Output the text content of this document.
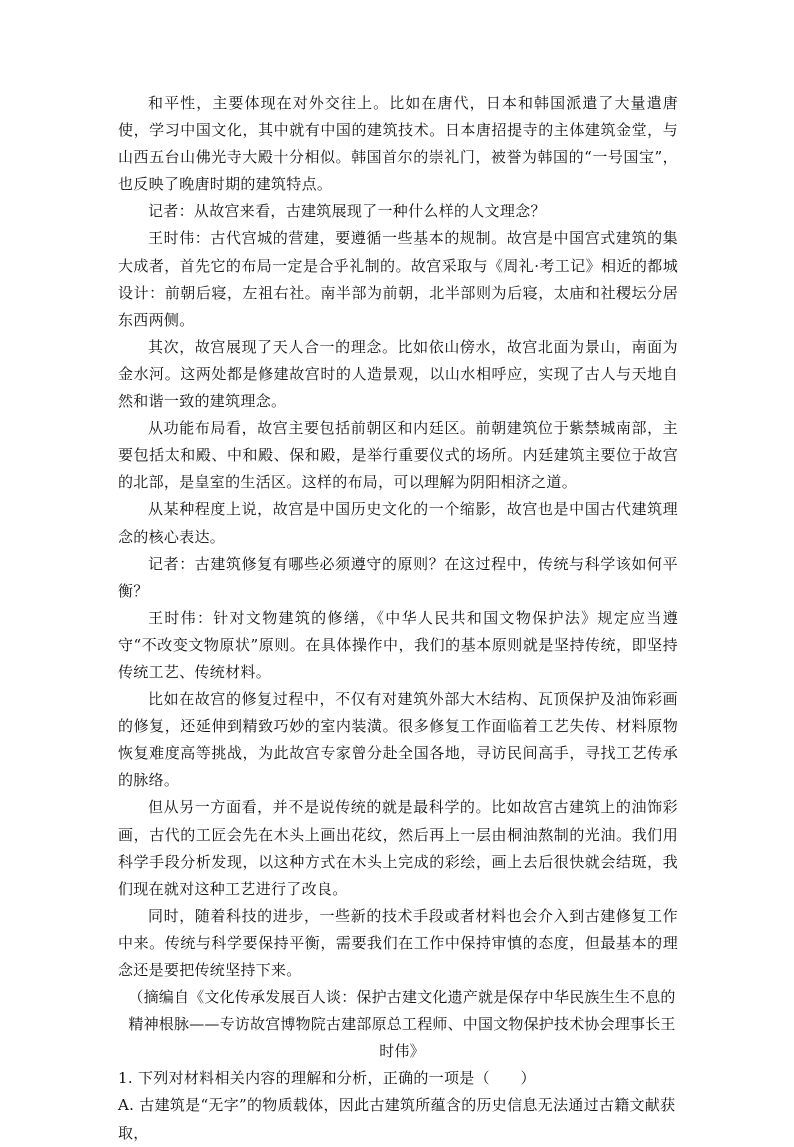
和平性，主要体现在对外交往上。比如在唐代，日本和韩国派遣了大量遣唐使，学习中国文化，其中就有中国的建筑技术。日本唐招提寺的主体建筑金堂，与山西五台山佛光寺大殿十分相似。韩国首尔的崇礼门，被誉为韩国的“一号国宝”，也反映了晚唐时期的建筑特点。

记者：从故宫来看，古建筑展现了一种什么样的人文理念？

王时伟：古代宫城的营建，要遵循一些基本的规制。故宫是中国宫式建筑的集大成者，首先它的布局一定是合乎礼制的。故宫采取与《周礼·考工记》相近的都城设计：前朝后寝，左祖右社。南半部为前朝，北半部则为后寝，太庙和社稷坛分居东西两侧。

其次，故宫展现了天人合一的理念。比如依山傍水，故宫北面为景山，南面为金水河。这两处都是修建故宫时的人造景观，以山水相呼应，实现了古人与天地自然和谐一致的建筑理念。

从功能布局看，故宫主要包括前朝区和内廷区。前朝建筑位于紫禁城南部，主要包括太和殿、中和殿、保和殿，是举行重要仪式的场所。内廷建筑主要位于故宫的北部，是皇室的生活区。这样的布局，可以理解为阴阳相济之道。

从某种程度上说，故宫是中国历史文化的一个缩影，故宫也是中国古代建筑理念的核心表达。

记者：古建筑修复有哪些必须遵守的原则？在这过程中，传统与科学该如何平衡？

王时伟：针对文物建筑的修缮，《中华人民共和国文物保护法》规定应当遵守“不改变文物原状”原则。在具体操作中，我们的基本原则就是坚持传统，即坚持传统工艺、传统材料。

比如在故宫的修复过程中，不仅有对建筑外部大木结构、瓦顶保护及油饰彩画的修复，还延伸到精致巧妙的室内装潢。很多修复工作面临着工艺失传、材料原物恢复难度高等挑战，为此故宫专家曾分赴全国各地，寻访民间高手，寻找工艺传承的脉络。

但从另一方面看，并不是说传统的就是最科学的。比如故宫古建筑上的油饰彩画，古代的工匠会先在木头上画出花纹，然后再上一层由桐油熬制的光油。我们用科学手段分析发现，以这种方式在木头上完成的彩绘，画上去后很快就会结斑，我们现在就对这种工艺进行了改良。

同时，随着科技的进步，一些新的技术手段或者材料也会介入到古建修复工作中来。传统与科学要保持平衡，需要我们在工作中保持审慎的态度，但最基本的理念还是要把传统坚持下来。

（摘编自《文化传承发展百人谈：保护古建文化遗产就是保存中华民族生生不息的精神根脉——专访故宫博物院古建部原总工程师、中国文物保护技术协会理事长王时伟》

1. 下列对材料相关内容的理解和分析，正确的一项是（　　）

A. 古建筑是“无字”的物质载体，因此古建筑所蕴含的历史信息无法通过古籍文献获取，
